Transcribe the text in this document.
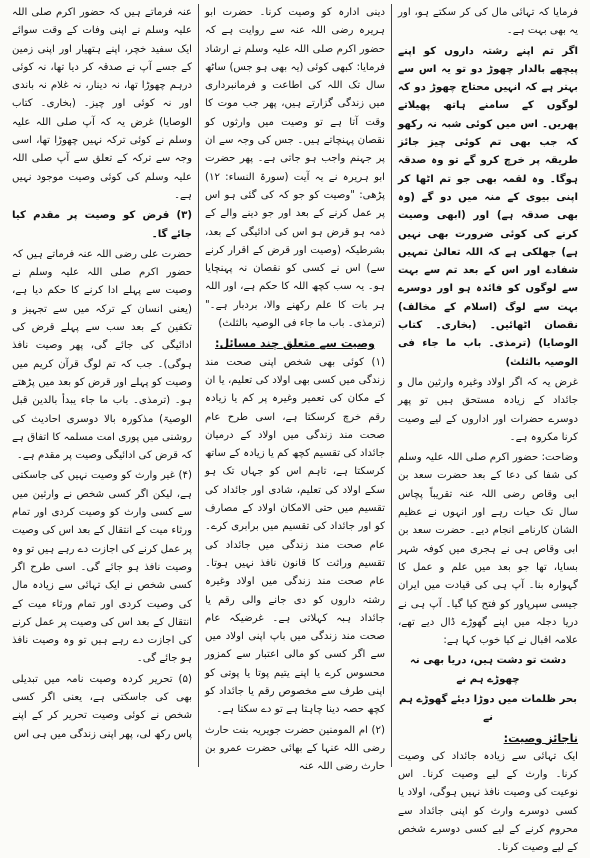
فرمایا کہ تہائی مال کی کر سکتے ہو، اور یہ بھی بہت ہے۔

اگر تم اپنے رشتہ داروں کو اپنے پیچھے بالدار چھوڑ دو تو یہ اس سے بہتر ہے کہ انہیں محتاج چھوڑ دو کہ لوگوں کے سامنے ہاتھ پھیلاتے پھریں۔ اس میں کوئی شبہ نہ رکھو کہ جب بھی تم کوئی چیز جائز طریقہ پر خرچ کرو گے تو وہ صدقہ ہوگا۔ وہ لقمہ بھی جو تم اٹھا کر اپنی بیوی کے منہ میں دو گے (وہ بھی صدقہ ہے) اور (ابھی وصیت کرنے کی کوئی ضرورت بھی نہیں ہے) جھلکی ہے کہ اللہ تعالیٰ تمہیں شفادے اور اس کے بعد تم سے بہت سے لوگوں کو فائدہ ہو اور دوسرے بہت سے لوگ (اسلام کے مخالف) نقصان اٹھائیں۔ (بخاری۔ کتاب الوصایا) (ترمذی۔ باب ما جاء فی الوصیہ بالثلث)

غرض یہ کہ اگر اولاد وغیرہ وارثین مال و جائداد کے زیادہ مستحق ہیں تو پھر دوسرے حضرات اور اداروں کے لیے وصیت کرنا مکروہ ہے۔

وضاحت: حضور اکرم صلی اللہ علیہ وسلم کی شفا کی دعا کے بعد حضرت سعد بن ابی وقاص رضی اللہ عنہ تقریباً پچاس سال تک حیات رہے اور انہوں نے عظیم الشان کارنامے انجام دیے۔ حضرت سعد بن ابی وقاص ہی نے ہجری میں کوفہ شہر بسایا، تھا جو بعد میں علم و عمل کا گہوارہ بنا۔ آپ ہی کی قیادت میں ایران جیسی سپرپاور کو فتح کیا گیا۔ آپ ہی نے دریا دجلہ میں اپنے گھوڑے ڈال دیے تھے، علامہ اقبال نے کیا خوب کہا ہے:

دشت تو دشت ہیں، دریا بھی نہ چھوڑے ہم نے

بحر ظلمات میں دوڑا دیئے گھوڑے ہم نے

ناجائز وصیت:

ایک تہائی سے زیادہ جائداد کی وصیت کرنا۔ وارث کے لیے وصیت کرنا۔ اس نوعیت کی وصیت نافذ نہیں ہوگی، اولاد یا کسی دوسرے وارث کو اپنی جائداد سے محروم کرنے کے لیے کسی دوسرے شخص کے لیے وصیت کرنا۔

دینی ادارہ کو وصیت کرنا۔ حضرت ابو ہریرہ رضی اللہ عنہ سے روایت ہے کہ حضور اکرم صلی اللہ علیہ وسلم نے ارشاد فرمایا: کبھی کوئی (یہ بھی ہو جس) ساٹھ سال تک اللہ کی اطاعت و فرمانبرداری میں زندگی گزارتے ہیں، پھر جب موت کا وقت آتا ہے تو وصیت میں وارثوں کو نقصان پہنچاتے ہیں۔ جس کی وجہ سے ان پر جہنم واجب ہو جاتی ہے۔ پھر حضرت ابو ہریرہ نے یہ آیت (سورۃ النساء: ۱۲) پڑھی: "وصیت کو جو کہ کی گئی ہو اس پر عمل کرنے کے بعد اور جو دینے والے کے ذمہ ہو قرض ہو اس کی ادائیگی کے بعد، بشرطیکہ (وصیت اور قرض کے اقرار کرنے سے) اس نے کسی کو نقصان نہ پہنچایا ہو۔ یہ سب کچھ اللہ کا حکم ہے، اور اللہ ہر بات کا علم رکھنے والا، بردبار ہے۔" (ترمذی۔ باب ما جاء فی الوصیہ بالثلث)

وصیت سے متعلق چند مسائل:

(۱) کوئی بھی شخص اپنی صحت مند زندگی میں کسی بھی اولاد کی تعلیم، یا ان کے مکان کی تعمیر وغیرہ پر کم یا زیادہ رقم خرچ کرسکتا ہے، اسی طرح عام صحت مند زندگی میں اولاد کے درمیان جائداد کی تقسیم کچھ کم یا زیادہ کے ساتھ کرسکتا ہے، تاہم اس کو جہاں تک ہو سکے اولاد کی تعلیم، شادی اور جائداد کی تقسیم میں حتی الامکان اولاد کے مصارف کو اور جائداد کی تقسیم میں برابری کرے۔ عام صحت مند زندگی میں جائداد کی تقسیم وراثت کا قانون نافذ نہیں ہوتا۔ عام صحت مند زندگی میں اولاد وغیرہ رشتہ داروں کو دی جانے والی رقم یا جائداد ہبہ کہلاتی ہے۔ غرضیکہ عام صحت مند زندگی میں باپ اپنی اولاد میں سے اگر کسی کو مالی اعتبار سے کمزور محسوس کرے یا اپنے یتیم پوتا یا پوتی کو اپنی طرف سے مخصوص رقم یا جائداد کو کچھ حصہ دینا چاہتا ہے تو دے سکتا ہے۔

(۲) ام المومنین حضرت جویریہ بنت حارث رضی اللہ عنہا کے بھائی حضرت عمرو بن حارث رضی اللہ عنہ

عنہ فرماتے ہیں کہ حضور اکرم صلی اللہ علیہ وسلم نے اپنی وفات کے وقت سوائے ایک سفید خچر، اپنے ہتھیار اور اپنی زمین کے جسے آپ نے صدقہ کر دیا تھا، نہ کوئی درہم چھوڑا تھا، نہ دینار، نہ غلام نہ باندی اور نہ کوئی اور چیز۔ (بخاری۔ کتاب الوصایا) غرض یہ کہ آپ صلی اللہ علیہ وسلم نے کوئی ترکہ نہیں چھوڑا تھا، اسی وجہ سے ترکہ کے تعلق سے آپ صلی اللہ علیہ وسلم کی کوئی وصیت موجود نہیں ہے۔

(۳) قرض کو وصیت پر مقدم کیا جائے گا۔

حضرت علی رضی اللہ عنہ فرماتے ہیں کہ حضور اکرم صلی اللہ علیہ وسلم نے وصیت سے پہلے ادا کرنے کا حکم دیا ہے، (یعنی انسان کے ترکہ میں سے تجہیز و تکفین کے بعد سب سے پہلے قرض کی ادائیگی کی جائے گی، پھر وصیت نافذ ہوگی)۔ جب کہ تم لوگ قرآن کریم میں وصیت کو پہلے اور قرض کو بعد میں پڑھتے ہو۔ (ترمذی۔ باب ما جاء یبدأ بالدین قبل الوصیۃ) مذکورہ بالا دوسری احادیث کی روشنی میں پوری امت مسلمہ کا اتفاق ہے کہ قرض کی ادائیگی وصیت پر مقدم ہے۔

(۴) غیر وارث کو وصیت نہیں کی جاسکتی ہے، لیکن اگر کسی شخص نے وارثین میں سے کسی وارث کو وصیت کردی اور تمام ورثاء میت کے انتقال کے بعد اس کی وصیت پر عمل کرنے کی اجازت دے رہے ہیں تو وہ وصیت نافذ ہو جائے گی۔ اسی طرح اگر کسی شخص نے ایک تہائی سے زیادہ مال کی وصیت کردی اور تمام ورثاء میت کے انتقال کے بعد اس کی وصیت پر عمل کرنے کی اجازت دے رہے ہیں تو وہ وصیت نافذ ہو جائے گی۔

(۵) تحریر کردہ وصیت نامہ میں تبدیلی بھی کی جاسکتی ہے، یعنی اگر کسی شخص نے کوئی وصیت تحریر کر کے اپنے پاس رکھ لی، پھر اپنی زندگی میں ہی اس
